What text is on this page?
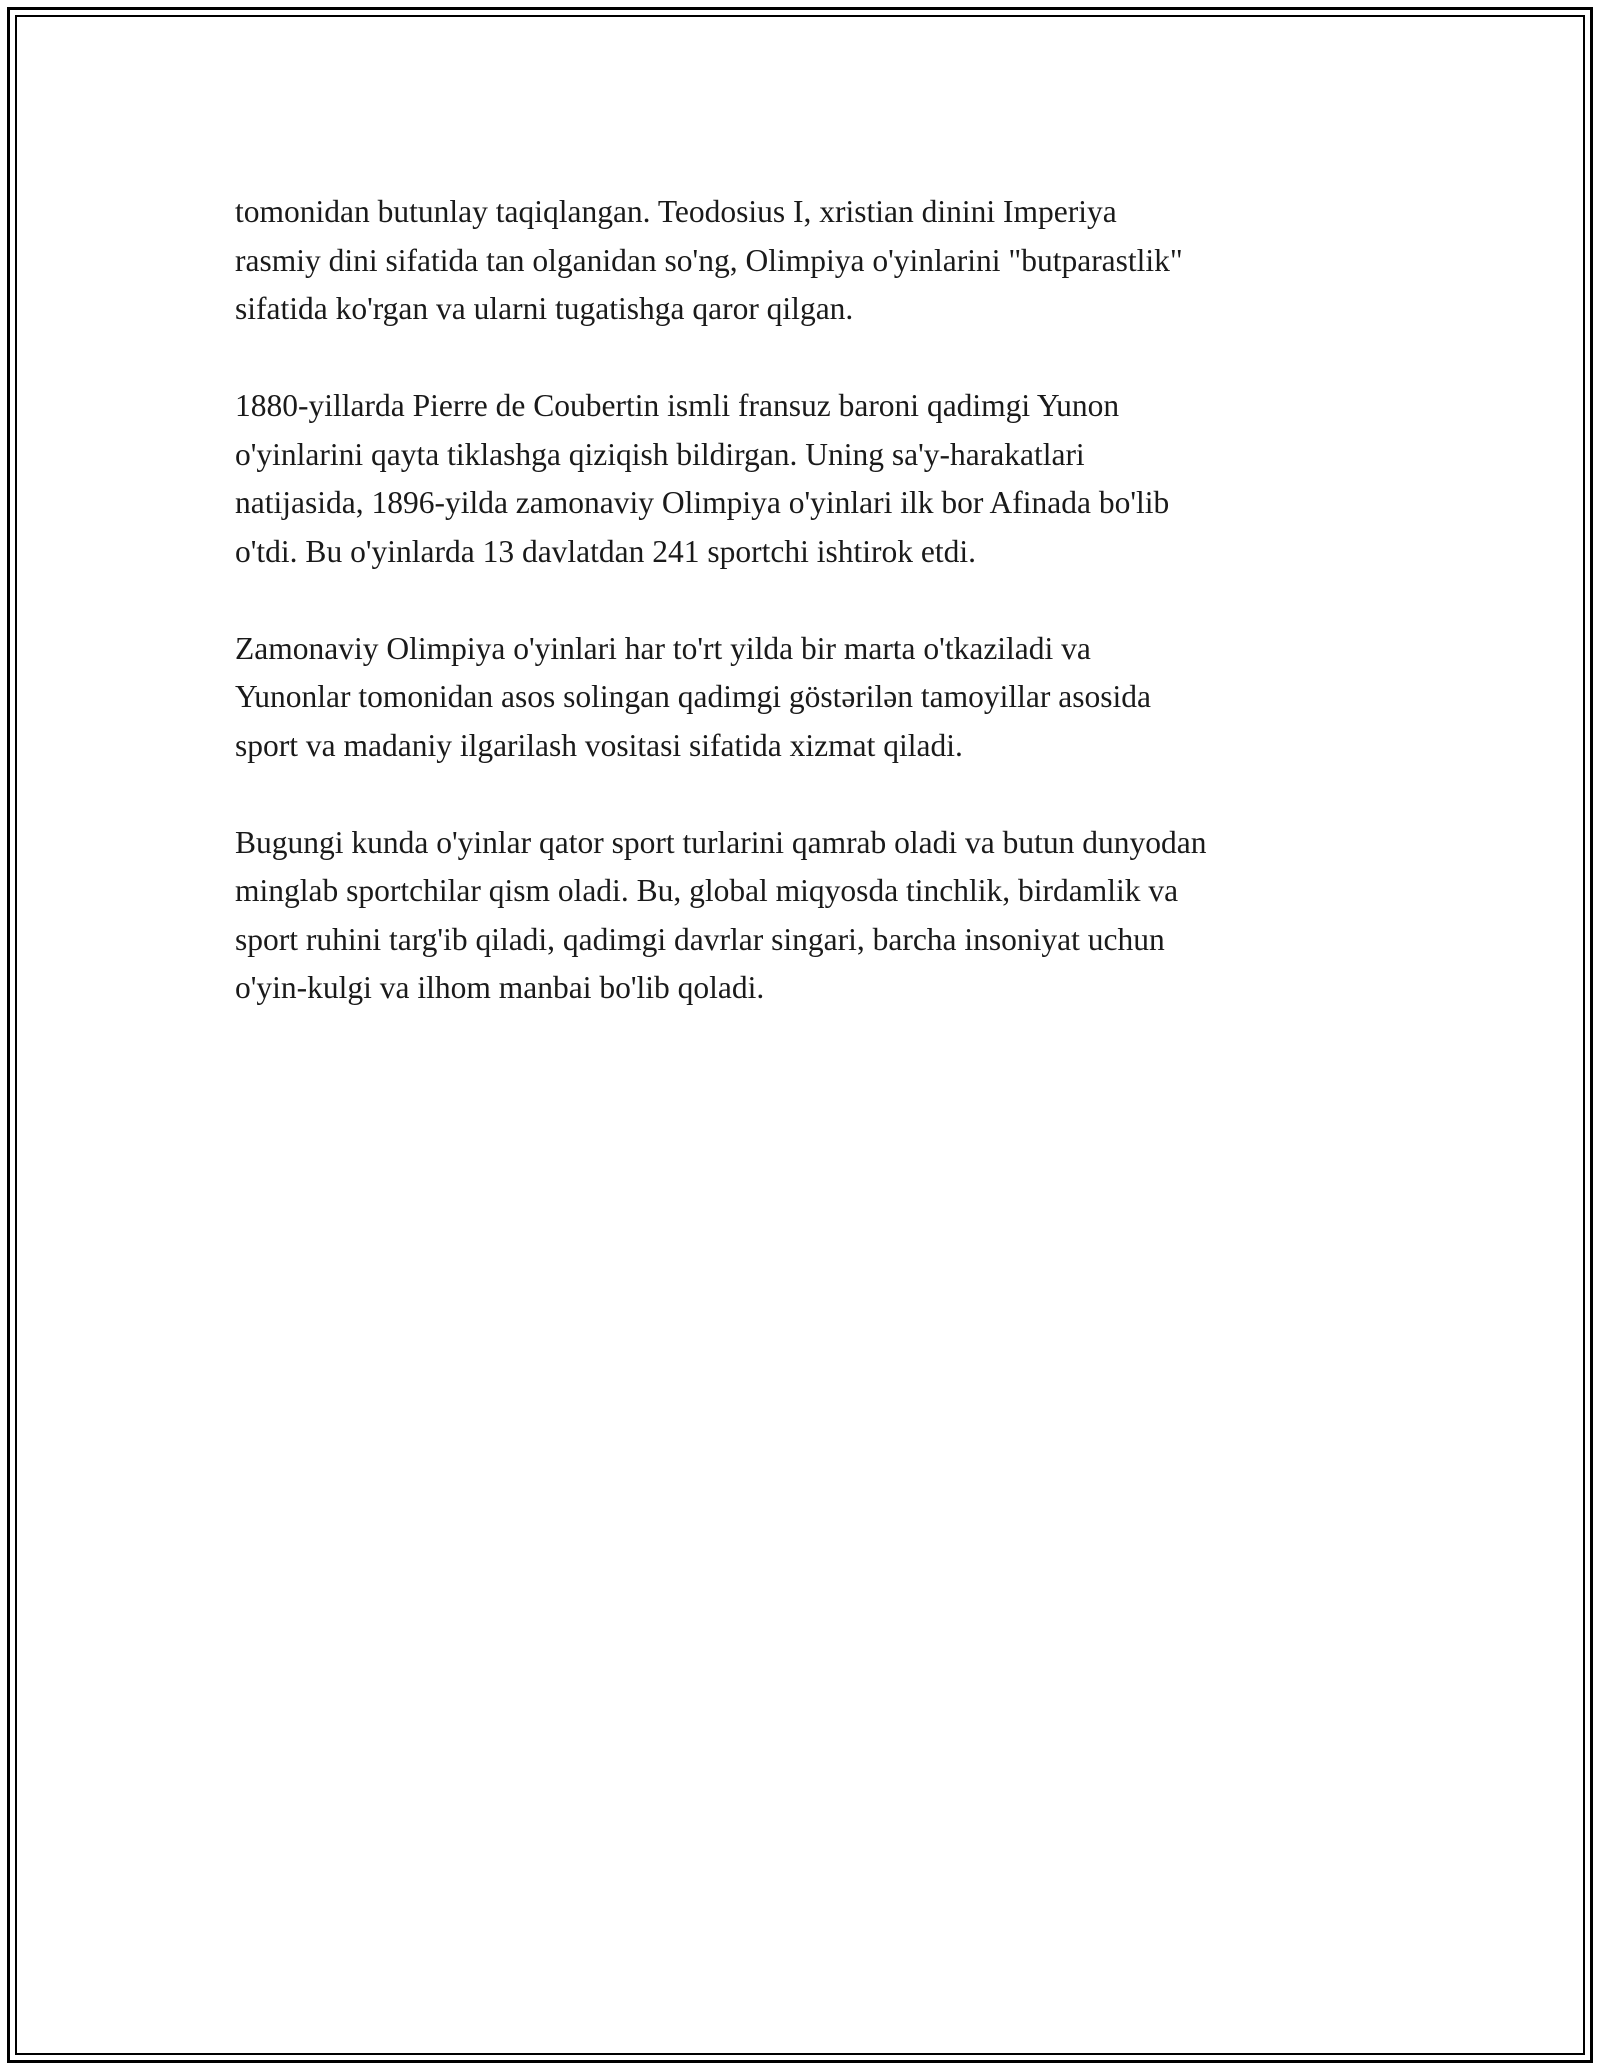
tomonidan butunlay taqiqlangan. Teodosius I, xristian dinini Imperiya
rasmiy dini sifatida tan olganidan so'ng, Olimpiya o'yinlarini "butparastlik"
sifatida ko'rgan va ularni tugatishga qaror qilgan.

1880-yillarda Pierre de Coubertin ismli fransuz baroni qadimgi Yunon
o'yinlarini qayta tiklashga qiziqish bildirgan. Uning sa'y-harakatlari
natijasida, 1896-yilda zamonaviy Olimpiya o'yinlari ilk bor Afinada bo'lib
o'tdi. Bu o'yinlarda 13 davlatdan 241 sportchi ishtirok etdi.

Zamonaviy Olimpiya o'yinlari har to'rt yilda bir marta o'tkaziladi va
Yunonlar tomonidan asos solingan qadimgi göstərilən tamoyillar asosida
sport va madaniy ilgarilash vositasi sifatida xizmat qiladi.

Bugungi kunda o'yinlar qator sport turlarini qamrab oladi va butun dunyodan
minglab sportchilar qism oladi. Bu, global miqyosda tinchlik, birdamlik va
sport ruhini targ'ib qiladi, qadimgi davrlar singari, barcha insoniyat uchun
o'yin-kulgi va ilhom manbai bo'lib qoladi.
